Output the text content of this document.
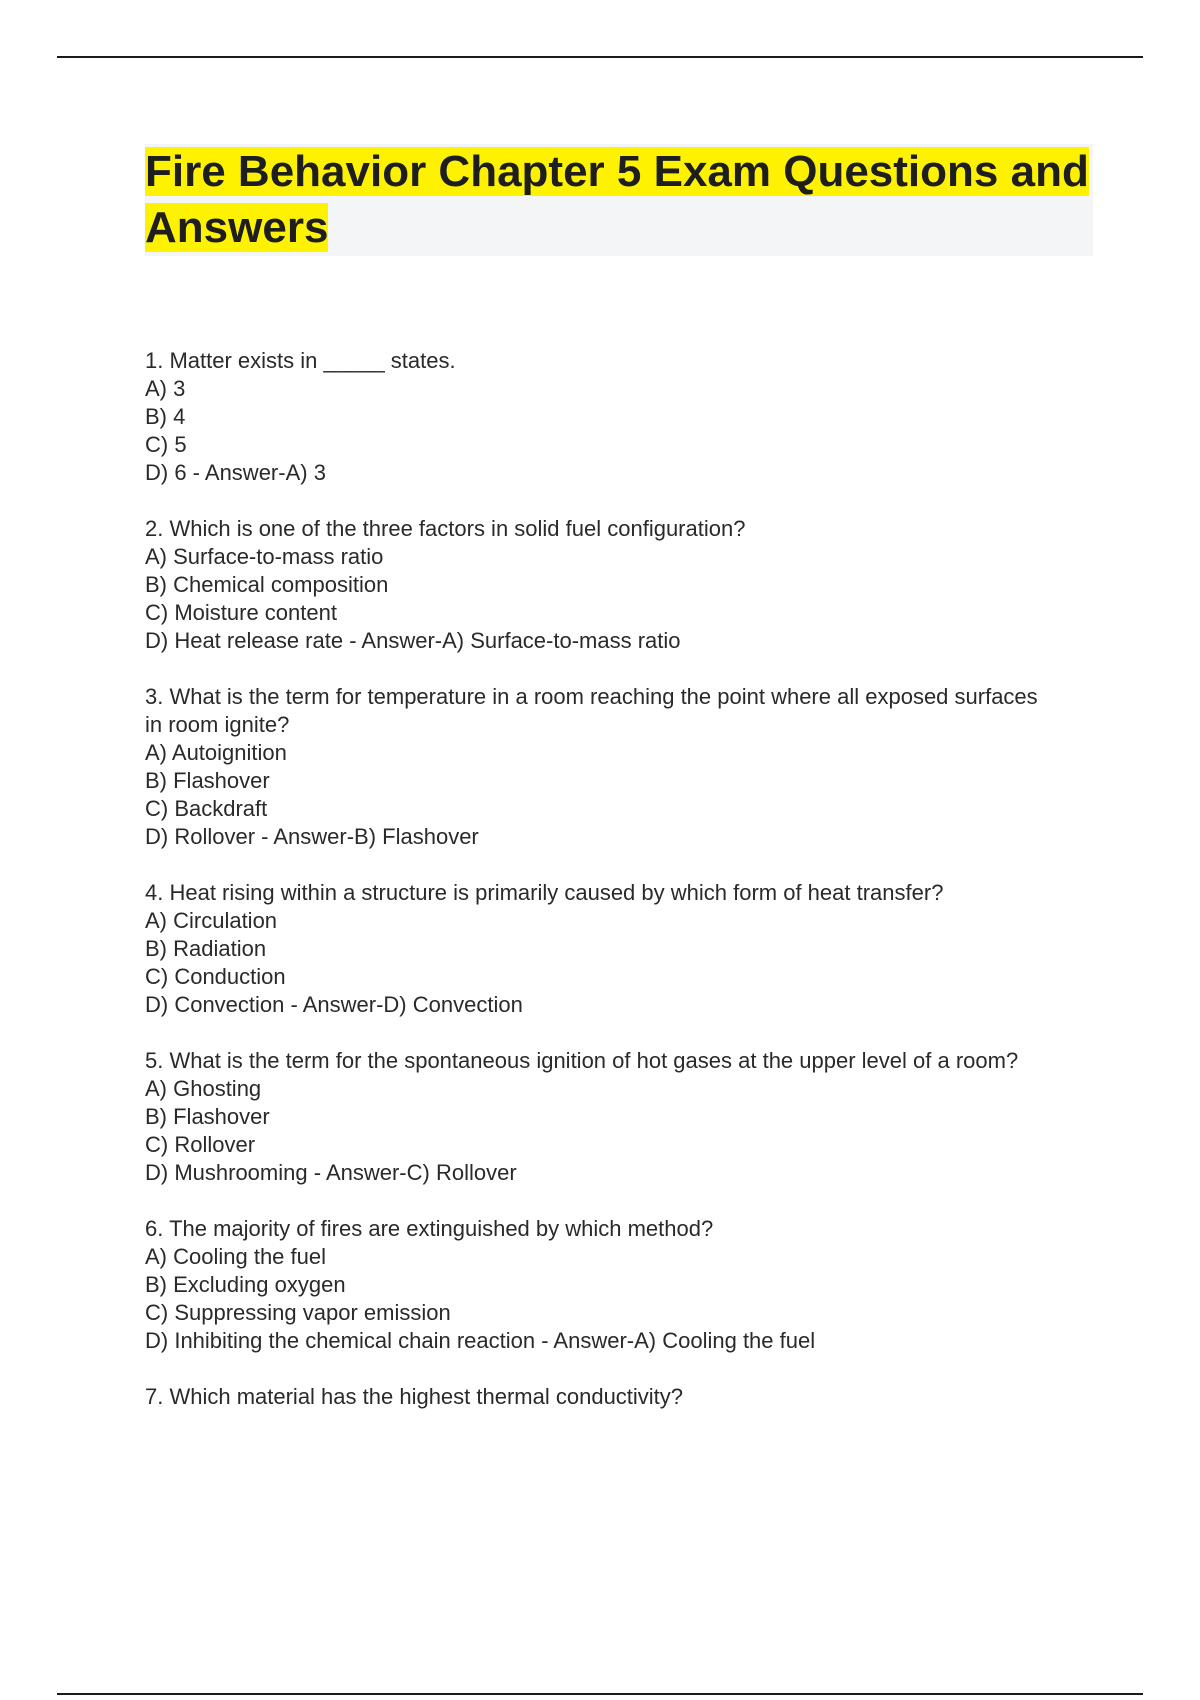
Fire Behavior Chapter 5 Exam Questions and Answers

1. Matter exists in _____ states.

A) 3

B) 4

C) 5

D) 6 - Answer-A) 3

2. Which is one of the three factors in solid fuel configuration?

A) Surface-to-mass ratio

B) Chemical composition

C) Moisture content

D) Heat release rate - Answer-A) Surface-to-mass ratio

3. What is the term for temperature in a room reaching the point where all exposed surfaces in room ignite?

A) Autoignition

B) Flashover

C) Backdraft

D) Rollover - Answer-B) Flashover

4. Heat rising within a structure is primarily caused by which form of heat transfer?

A) Circulation

B) Radiation

C) Conduction

D) Convection - Answer-D) Convection

5. What is the term for the spontaneous ignition of hot gases at the upper level of a room?

A) Ghosting

B) Flashover

C) Rollover

D) Mushrooming - Answer-C) Rollover

6. The majority of fires are extinguished by which method?

A) Cooling the fuel

B) Excluding oxygen

C) Suppressing vapor emission

D) Inhibiting the chemical chain reaction - Answer-A) Cooling the fuel

7. Which material has the highest thermal conductivity?
